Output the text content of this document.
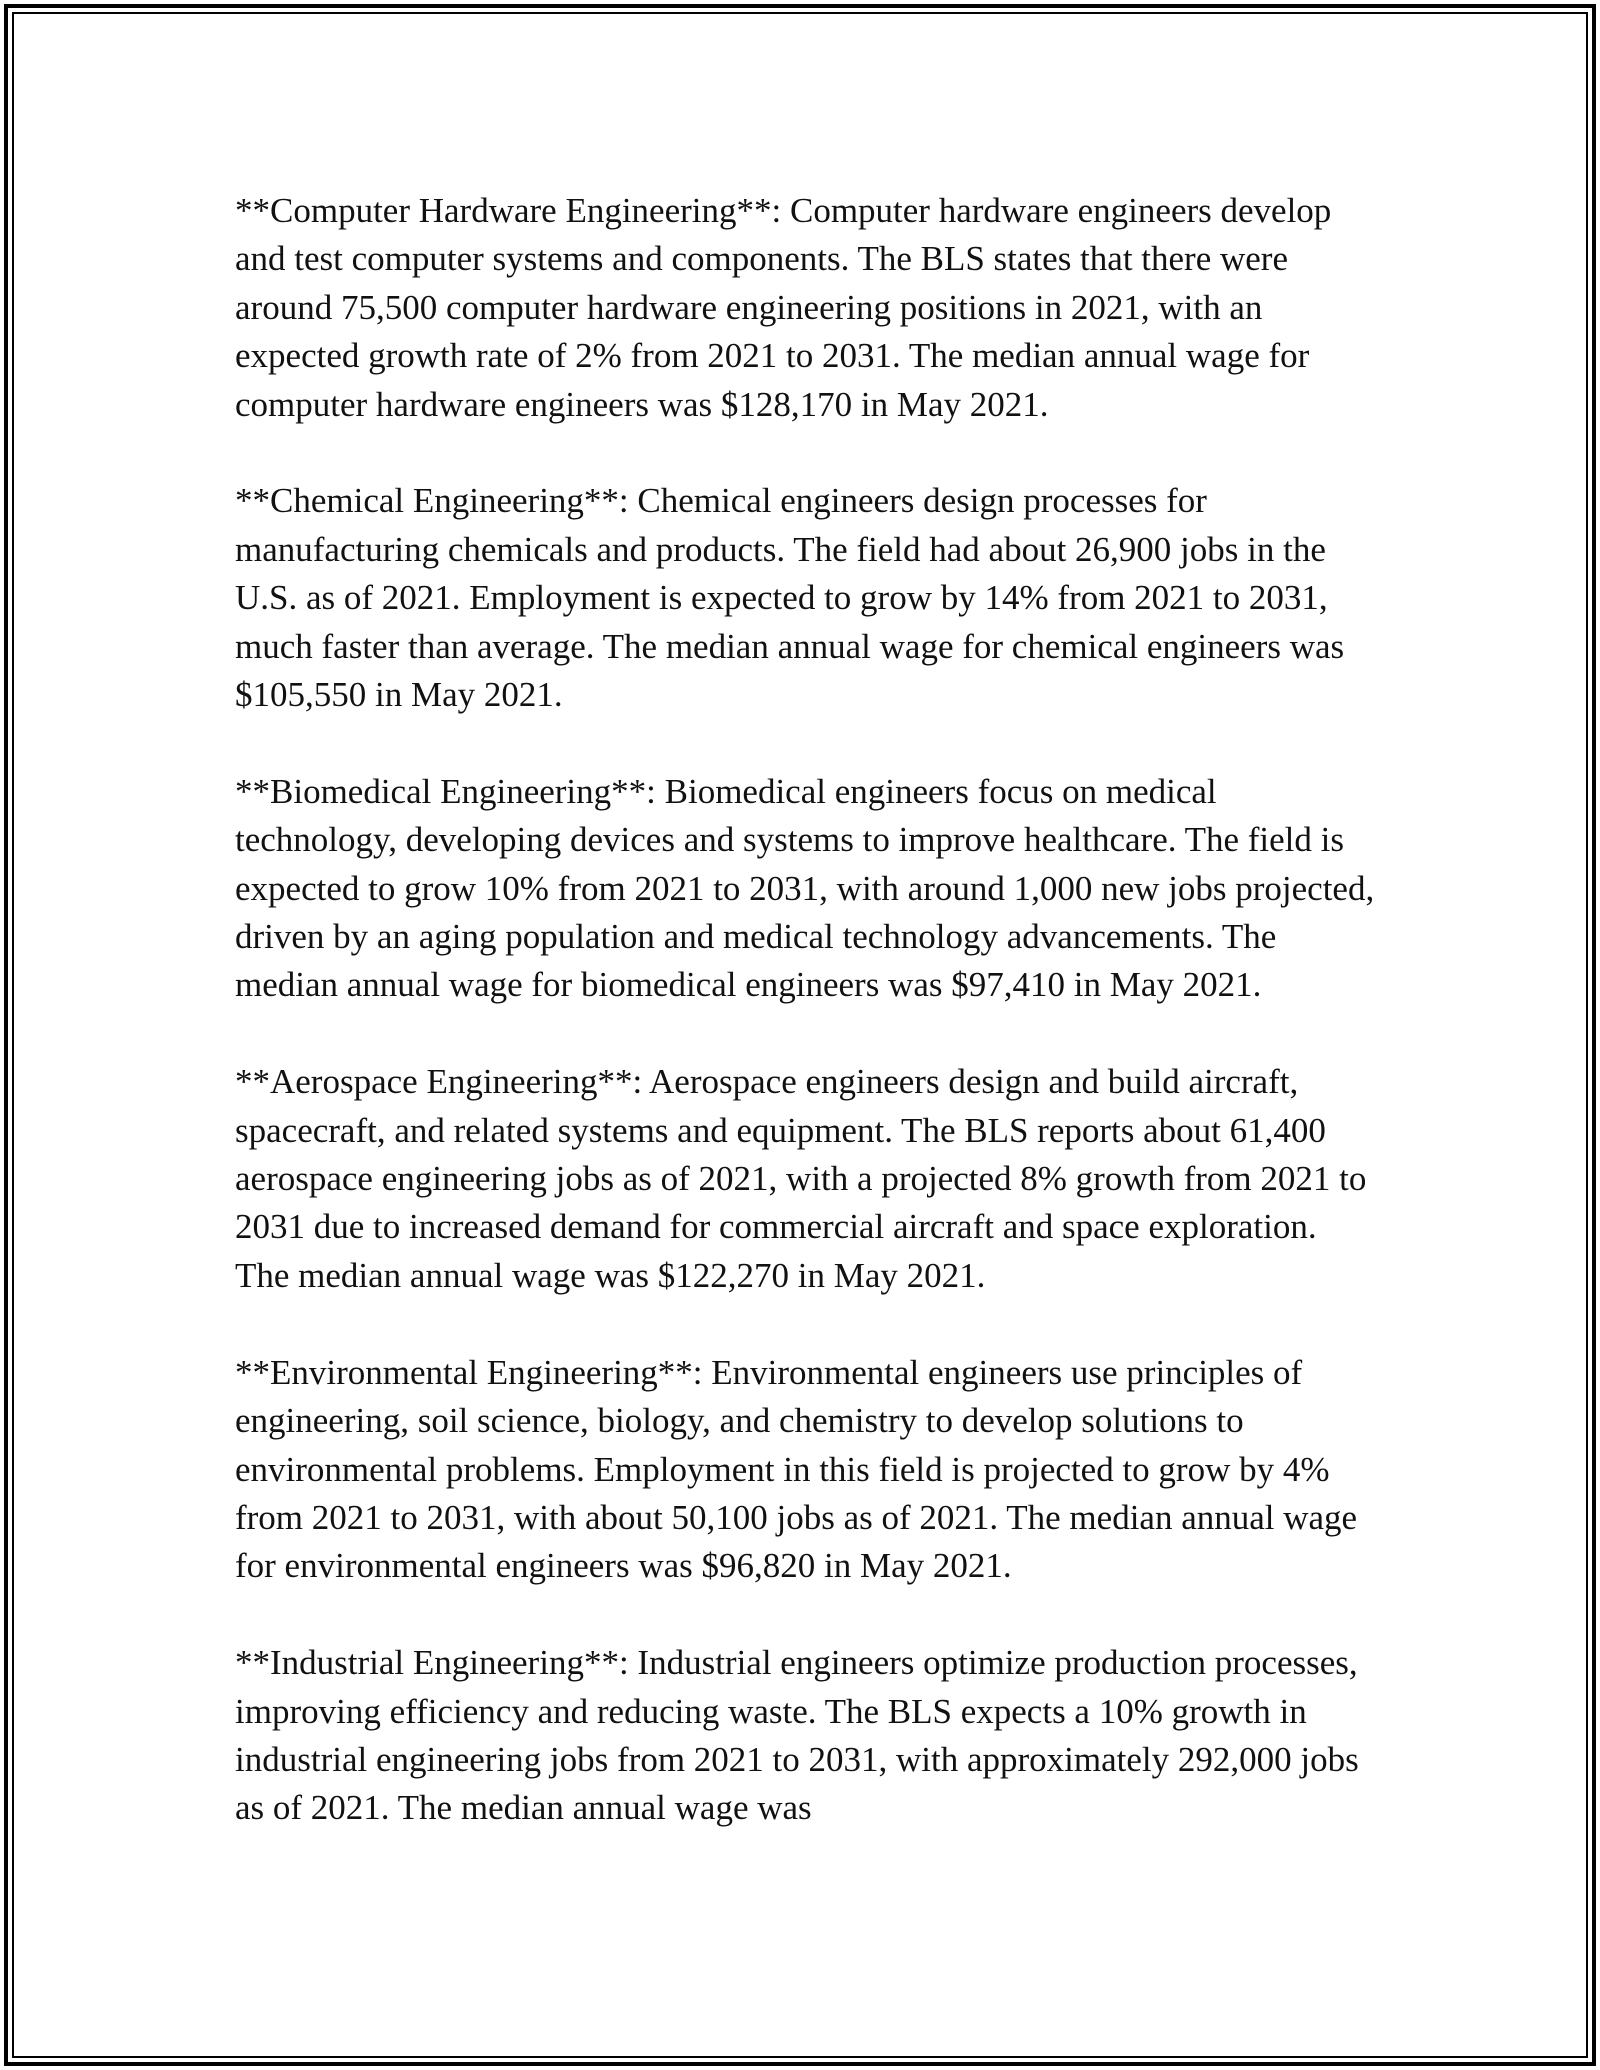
**Computer Hardware Engineering**: Computer hardware engineers develop and test computer systems and components. The BLS states that there were around 75,500 computer hardware engineering positions in 2021, with an expected growth rate of 2% from 2021 to 2031. The median annual wage for computer hardware engineers was $128,170 in May 2021.

**Chemical Engineering**: Chemical engineers design processes for manufacturing chemicals and products. The field had about 26,900 jobs in the U.S. as of 2021. Employment is expected to grow by 14% from 2021 to 2031, much faster than average. The median annual wage for chemical engineers was $105,550 in May 2021.

**Biomedical Engineering**: Biomedical engineers focus on medical technology, developing devices and systems to improve healthcare. The field is expected to grow 10% from 2021 to 2031, with around 1,000 new jobs projected, driven by an aging population and medical technology advancements. The median annual wage for biomedical engineers was $97,410 in May 2021.

**Aerospace Engineering**: Aerospace engineers design and build aircraft, spacecraft, and related systems and equipment. The BLS reports about 61,400 aerospace engineering jobs as of 2021, with a projected 8% growth from 2021 to 2031 due to increased demand for commercial aircraft and space exploration. The median annual wage was $122,270 in May 2021.

**Environmental Engineering**: Environmental engineers use principles of engineering, soil science, biology, and chemistry to develop solutions to environmental problems. Employment in this field is projected to grow by 4% from 2021 to 2031, with about 50,100 jobs as of 2021. The median annual wage for environmental engineers was $96,820 in May 2021.

**Industrial Engineering**: Industrial engineers optimize production processes, improving efficiency and reducing waste. The BLS expects a 10% growth in industrial engineering jobs from 2021 to 2031, with approximately 292,000 jobs as of 2021. The median annual wage was
